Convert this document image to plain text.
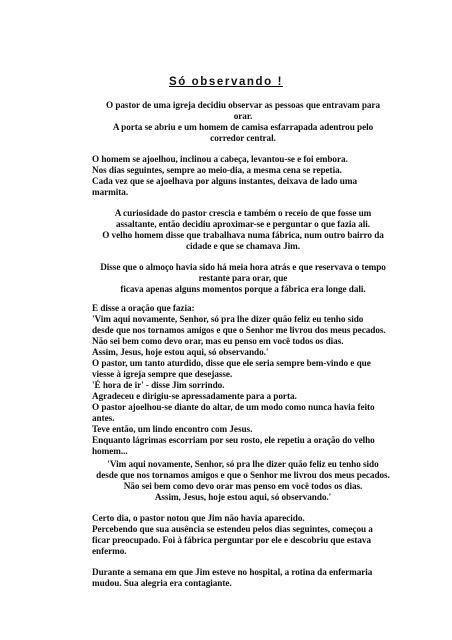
Só observando !
O pastor de uma igreja decidiu observar as pessoas que entravam para
orar.
A porta se abriu e um homem de camisa esfarrapada adentrou pelo
corredor central.
O homem se ajoelhou, inclinou a cabeça, levantou-se e foi embora.
Nos dias seguintes, sempre ao meio-dia, a mesma cena se repetia.
Cada vez que se ajoelhava por alguns instantes, deixava de lado uma
marmita.
A curiosidade do pastor crescia e também o receio de que fosse um
assaltante, então decidiu aproximar-se e perguntar o que fazia ali.
O velho homem disse que trabalhava numa fábrica, num outro bairro da
cidade e que se chamava Jim.
Disse que o almoço havia sido há meia hora atrás e que reservava o tempo
restante para orar, que
ficava apenas alguns momentos porque a fábrica era longe dali.
E disse a oração que fazia:
'Vim aqui novamente, Senhor, só pra lhe dizer quão feliz eu tenho sido
desde que nos tornamos amigos e que o Senhor me livrou dos meus pecados.
Não sei bem como devo orar, mas eu penso em você todos os dias.
Assim, Jesus, hoje estou aqui, só observando.'
O pastor, um tanto aturdido, disse que ele seria sempre bem-vindo e que
viesse à igreja sempre que desejasse.
'É hora de ir' - disse Jim sorrindo.
Agradeceu e dirigiu-se apressadamente para a porta.
O pastor ajoelhou-se diante do altar, de um modo como nunca havia feito
antes.
Teve então, um lindo encontro com Jesus.
Enquanto lágrimas escorriam por seu rosto, ele repetiu a oração do velho
homem...
'Vim aqui novamente, Senhor, só pra lhe dizer quão feliz eu tenho sido
desde que nos tornamos amigos e que o Senhor me livrou dos meus pecados.
Não sei bem como devo orar mas penso em você todos os dias.
Assim, Jesus, hoje estou aqui, só observando.'
Certo dia, o pastor notou que Jim não havia aparecido.
Percebendo que sua ausência se estendeu pelos dias seguintes, começou a
ficar preocupado. Foi à fábrica perguntar por ele e descobriu que estava
enfermo.
Durante a semana em que Jim esteve no hospital, a rotina da enfermaria
mudou. Sua alegria era contagiante.
